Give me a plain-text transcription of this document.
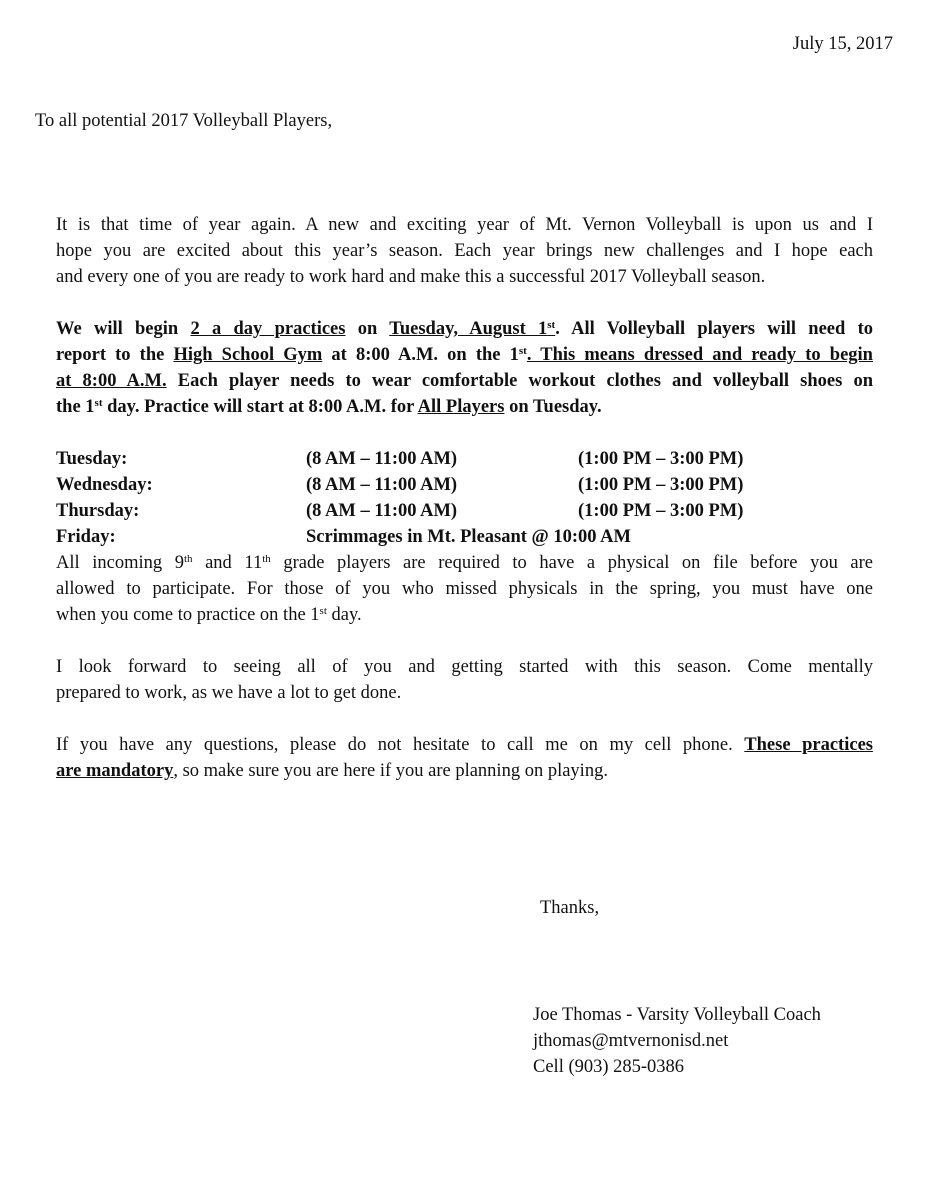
July 15, 2017

To all potential 2017 Volleyball Players,

It is that time of year again. A new and exciting year of Mt. Vernon Volleyball is upon us and I
hope you are excited about this year’s season. Each year brings new challenges and I hope each
and every one of you are ready to work hard and make this a successful 2017 Volleyball season.
We will begin 2 a day practices on Tuesday, August 1st. All Volleyball players will need to
report to the High School Gym at 8:00 A.M. on the 1st. This means dressed and ready to begin
at 8:00 A.M. Each player needs to wear comfortable workout clothes and volleyball shoes on
the 1st day. Practice will start at 8:00 A.M. for All Players on Tuesday.
Tuesday:	(8 AM – 11:00 AM)	(1:00 PM – 3:00 PM)
Wednesday:	(8 AM – 11:00 AM)	(1:00 PM – 3:00 PM)
Thursday:	(8 AM – 11:00 AM)	(1:00 PM – 3:00 PM)
Friday:	Scrimmages in Mt. Pleasant @ 10:00 AM
All incoming 9th and 11th grade players are required to have a physical on file before you are
allowed to participate. For those of you who missed physicals in the spring, you must have one
when you come to practice on the 1st day.
I look forward to seeing all of you and getting started with this season. Come mentally
prepared to work, as we have a lot to get done.
If you have any questions, please do not hesitate to call me on my cell phone. These practices
are mandatory, so make sure you are here if you are planning on playing.

Thanks,

Joe Thomas - Varsity Volleyball Coach
jthomas@mtvernonisd.net
Cell (903) 285-0386
